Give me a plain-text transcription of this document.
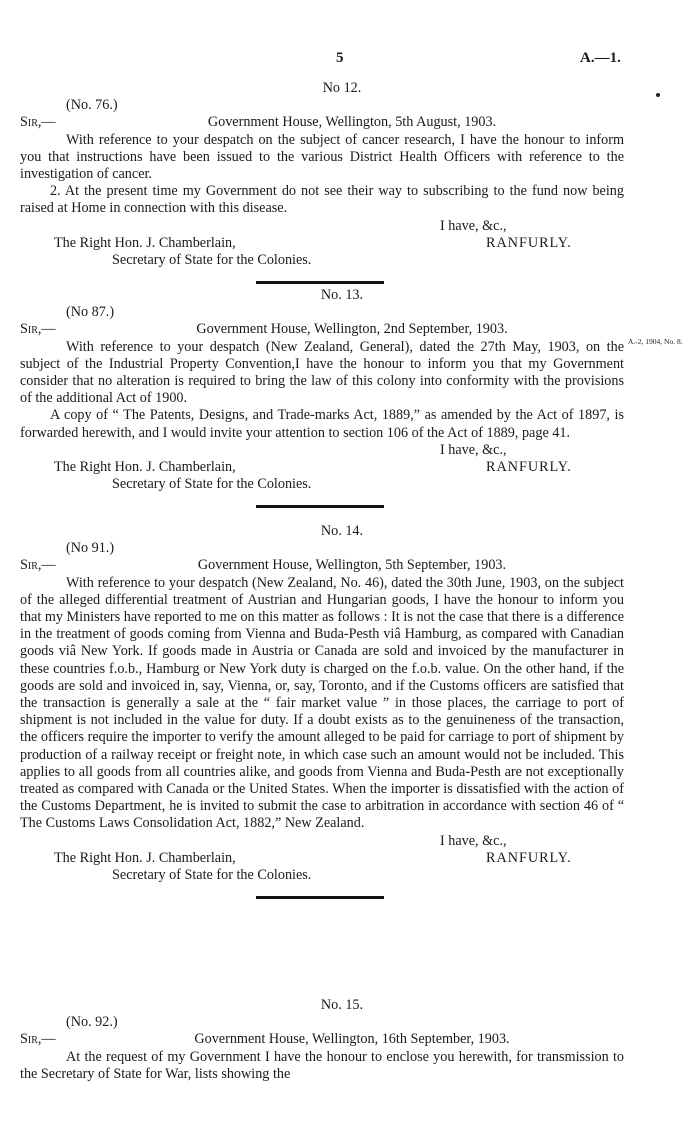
5	A.—1.

No 12.

(No. 76.)

Sir,—	Government House, Wellington, 5th August, 1903.

With reference to your despatch on the subject of cancer research, I have the honour to inform you that instructions have been issued to the various District Health Officers with reference to the investigation of cancer.

2. At the present time my Government do not see their way to subscribing to the fund now being raised at Home in connection with this disease.

I have, &c.,
The Right Hon. J. Chamberlain,	RANFURLY.

Secretary of State for the Colonies.

No. 13.

(No 87.)

Sir,—	Government House, Wellington, 2nd September, 1903.

With reference to your despatch (New Zealand, General), dated the 27th May, 1903, on the subject of the Industrial Property Convention,I have the honour to inform you that my Government consider that no alteration is required to bring the law of this colony into conformity with the provisions of the additional Act of 1900.

A copy of “ The Patents, Designs, and Trade-marks Act, 1889,” as amended by the Act of 1897, is forwarded herewith, and I would invite your attention to section 106 of the Act of 1889, page 41.

I have, &c.,
The Right Hon. J. Chamberlain,	RANFURLY.

Secretary of State for the Colonies.

A.-2, 1904, No. 8.

No. 14.

(No 91.)

Sir,—	Government House, Wellington, 5th September, 1903.

With reference to your despatch (New Zealand, No. 46), dated the 30th June, 1903, on the subject of the alleged differential treatment of Austrian and Hungarian goods, I have the honour to inform you that my Ministers have reported to me on this matter as follows : It is not the case that there is a difference in the treatment of goods coming from Vienna and Buda-Pesth viâ Hamburg, as compared with Canadian goods viâ New York. If goods made in Austria or Canada are sold and invoiced by the manufacturer in these countries f.o.b., Hamburg or New York duty is charged on the f.o.b. value. On the other hand, if the goods are sold and invoiced in, say, Vienna, or, say, Toronto, and if the Customs officers are satisfied that the transaction is generally a sale at the “ fair market value ” in those places, the carriage to port of shipment is not included in the value for duty. If a doubt exists as to the genuineness of the transaction, the officers require the importer to verify the amount alleged to be paid for carriage to port of shipment by production of a railway receipt or freight note, in which case such an amount would not be included. This applies to all goods from all countries alike, and goods from Vienna and Buda-Pesth are not exceptionally treated as compared with Canada or the United States. When the importer is dissatisfied with the action of the Customs Department, he is invited to submit the case to arbitration in accordance with section 46 of “ The Customs Laws Consolidation Act, 1882,” New Zealand.

I have, &c.,
The Right Hon. J. Chamberlain,	RANFURLY.

Secretary of State for the Colonies.

No. 15.

(No. 92.)

Sir,—	Government House, Wellington, 16th September, 1903.

At the request of my Government I have the honour to enclose you herewith, for transmission to the Secretary of State for War, lists showing the
